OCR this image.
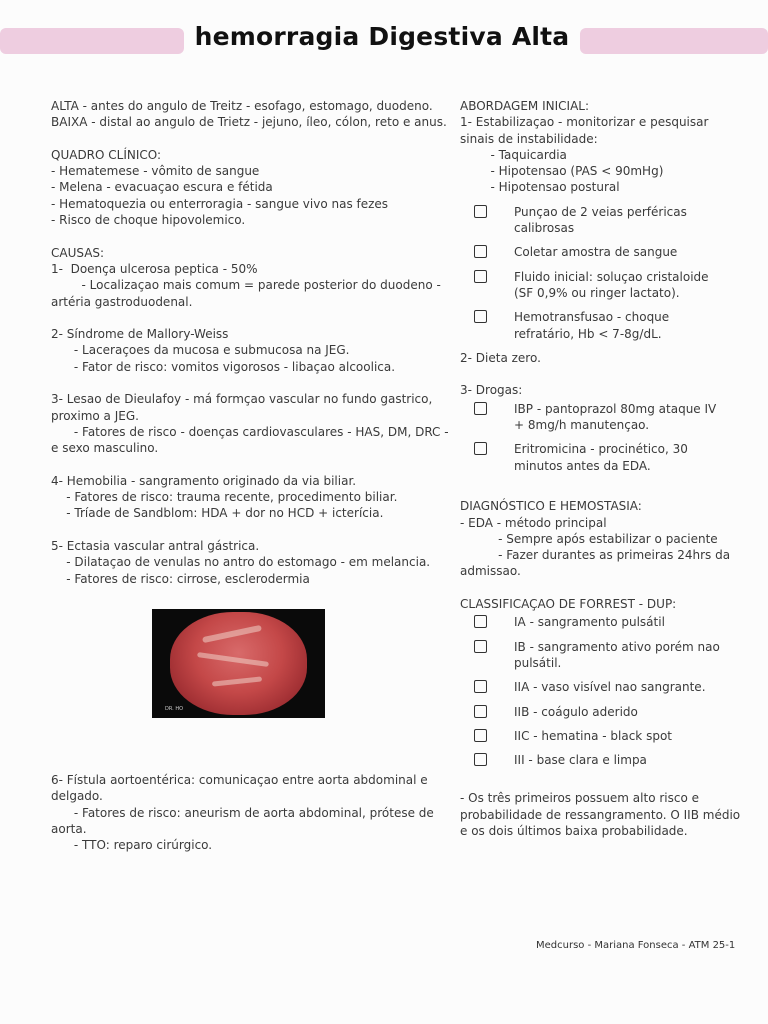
hemorragia Digestiva Alta
ALTA - antes do angulo de Treitz - esofago, estomago, duodeno.
BAIXA - distal ao angulo de Trietz - jejuno, íleo, cólon, reto e anus.
QUADRO CLÍNICO:
- Hematemese - vômito de sangue
- Melena - evacuaçao escura e fétida
- Hematoquezia ou enterroragia - sangue vivo nas fezes
- Risco de choque hipovolemico.
CAUSAS:
1-  Doença ulcerosa peptica - 50%
- Localizaçao mais comum = parede posterior do duodeno -
artéria gastroduodenal.
2- Síndrome de Mallory-Weiss
- Laceraçoes da mucosa e submucosa na JEG.
- Fator de risco: vomitos vigorosos - libaçao alcoolica.
3- Lesao de Dieulafoy - má formçao vascular no fundo gastrico,
proximo a JEG.
- Fatores de risco - doenças cardiovasculares - HAS, DM, DRC -
e sexo masculino.
4- Hemobilia - sangramento originado da via biliar.
- Fatores de risco: trauma recente, procedimento biliar.
- Tríade de Sandblom: HDA + dor no HCD + icterícia.
5- Ectasia vascular antral gástrica.
- Dilataçao de venulas no antro do estomago - em melancia.
- Fatores de risco: cirrose, esclerodermia
DR. HO
6- Fístula aortoentérica: comunicaçao entre aorta abdominal e
delgado.
- Fatores de risco: aneurism de aorta abdominal, prótese de
aorta.
- TTO: reparo cirúrgico.
ABORDAGEM INICIAL:
1- Estabilizaçao - monitorizar e pesquisar
sinais de instabilidade:
- Taquicardia
- Hipotensao (PAS < 90mHg)
- Hipotensao postural
Punçao de 2 veias perféricas calibrosas
Coletar amostra de sangue
Fluido inicial: soluçao cristaloide (SF 0,9% ou ringer lactato).
Hemotransfusao - choque refratário, Hb < 7-8g/dL.
2- Dieta zero.
3- Drogas:
IBP - pantoprazol 80mg ataque IV + 8mg/h manutençao.
Eritromicina - procinético, 30 minutos antes da EDA.
DIAGNÓSTICO E HEMOSTASIA:
- EDA - método principal
- Sempre após estabilizar o paciente
- Fazer durantes as primeiras 24hrs da
admissao.
CLASSIFICAÇAO DE FORREST - DUP:
IA - sangramento pulsátil
IB - sangramento ativo porém nao pulsátil.
IIA - vaso visível nao sangrante.
IIB - coágulo aderido
IIC - hematina - black spot
III - base clara e limpa
- Os três primeiros possuem alto risco e
probabilidade de ressangramento. O IIB médio
e os dois últimos baixa probabilidade.
Medcurso - Mariana Fonseca - ATM 25-1
